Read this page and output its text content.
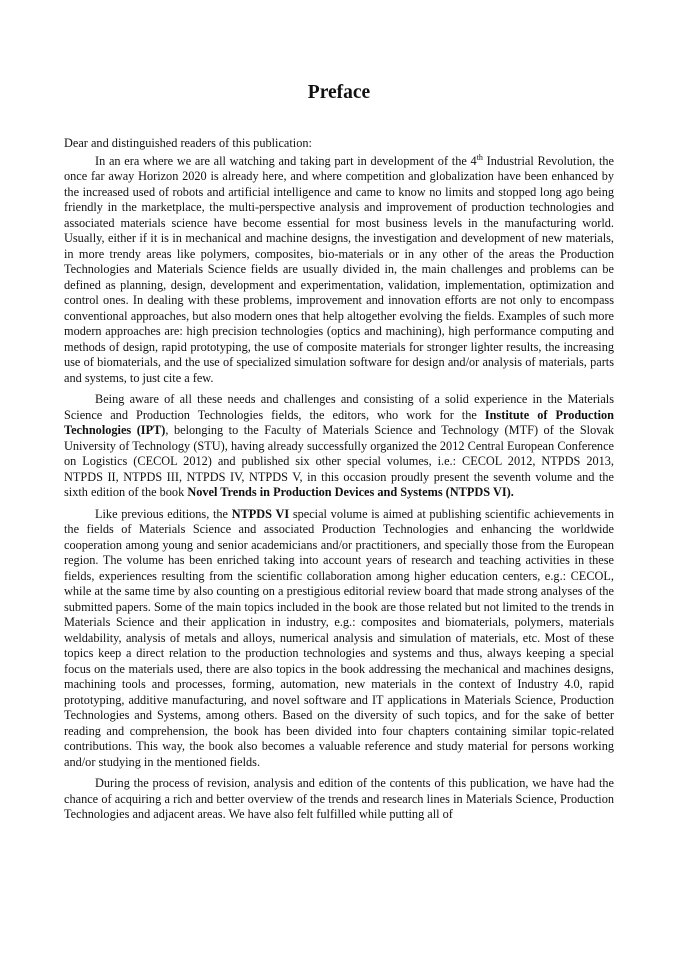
Preface

Dear and distinguished readers of this publication:

In an era where we are all watching and taking part in development of the 4th Industrial Revolution, the once far away Horizon 2020 is already here, and where competition and globalization have been enhanced by the increased used of robots and artificial intelligence and came to know no limits and stopped long ago being friendly in the marketplace, the multi-perspective analysis and improvement of production technologies and associated materials science have become essential for most business levels in the manufacturing world. Usually, either if it is in mechanical and machine designs, the investigation and development of new materials, in more trendy areas like polymers, composites, bio-materials or in any other of the areas the Production Technologies and Materials Science fields are usually divided in, the main challenges and problems can be defined as planning, design, development and experimentation, validation, implementation, optimization and control ones. In dealing with these problems, improvement and innovation efforts are not only to encompass conventional approaches, but also modern ones that help altogether evolving the fields. Examples of such more modern approaches are: high precision technologies (optics and machining), high performance computing and methods of design, rapid prototyping, the use of composite materials for stronger lighter results, the increasing use of biomaterials, and the use of specialized simulation software for design and/or analysis of materials, parts and systems, to just cite a few.

Being aware of all these needs and challenges and consisting of a solid experience in the Materials Science and Production Technologies fields, the editors, who work for the Institute of Production Technologies (IPT), belonging to the Faculty of Materials Science and Technology (MTF) of the Slovak University of Technology (STU), having already successfully organized the 2012 Central European Conference on Logistics (CECOL 2012) and published six other special volumes, i.e.: CECOL 2012, NTPDS 2013, NTPDS II, NTPDS III, NTPDS IV, NTPDS V, in this occasion proudly present the seventh volume and the sixth edition of the book Novel Trends in Production Devices and Systems (NTPDS VI).

Like previous editions, the NTPDS VI special volume is aimed at publishing scientific achievements in the fields of Materials Science and associated Production Technologies and enhancing the worldwide cooperation among young and senior academicians and/or practitioners, and specially those from the European region. The volume has been enriched taking into account years of research and teaching activities in these fields, experiences resulting from the scientific collaboration among higher education centers, e.g.: CECOL, while at the same time by also counting on a prestigious editorial review board that made strong analyses of the submitted papers. Some of the main topics included in the book are those related but not limited to the trends in Materials Science and their application in industry, e.g.: composites and biomaterials, polymers, materials weldability, analysis of metals and alloys, numerical analysis and simulation of materials, etc. Most of these topics keep a direct relation to the production technologies and systems and thus, always keeping a special focus on the materials used, there are also topics in the book addressing the mechanical and machines designs, machining tools and processes, forming, automation, new materials in the context of Industry 4.0, rapid prototyping, additive manufacturing, and novel software and IT applications in Materials Science, Production Technologies and Systems, among others. Based on the diversity of such topics, and for the sake of better reading and comprehension, the book has been divided into four chapters containing similar topic-related contributions. This way, the book also becomes a valuable reference and study material for persons working and/or studying in the mentioned fields.

During the process of revision, analysis and edition of the contents of this publication, we have had the chance of acquiring a rich and better overview of the trends and research lines in Materials Science, Production Technologies and adjacent areas. We have also felt fulfilled while putting all of
